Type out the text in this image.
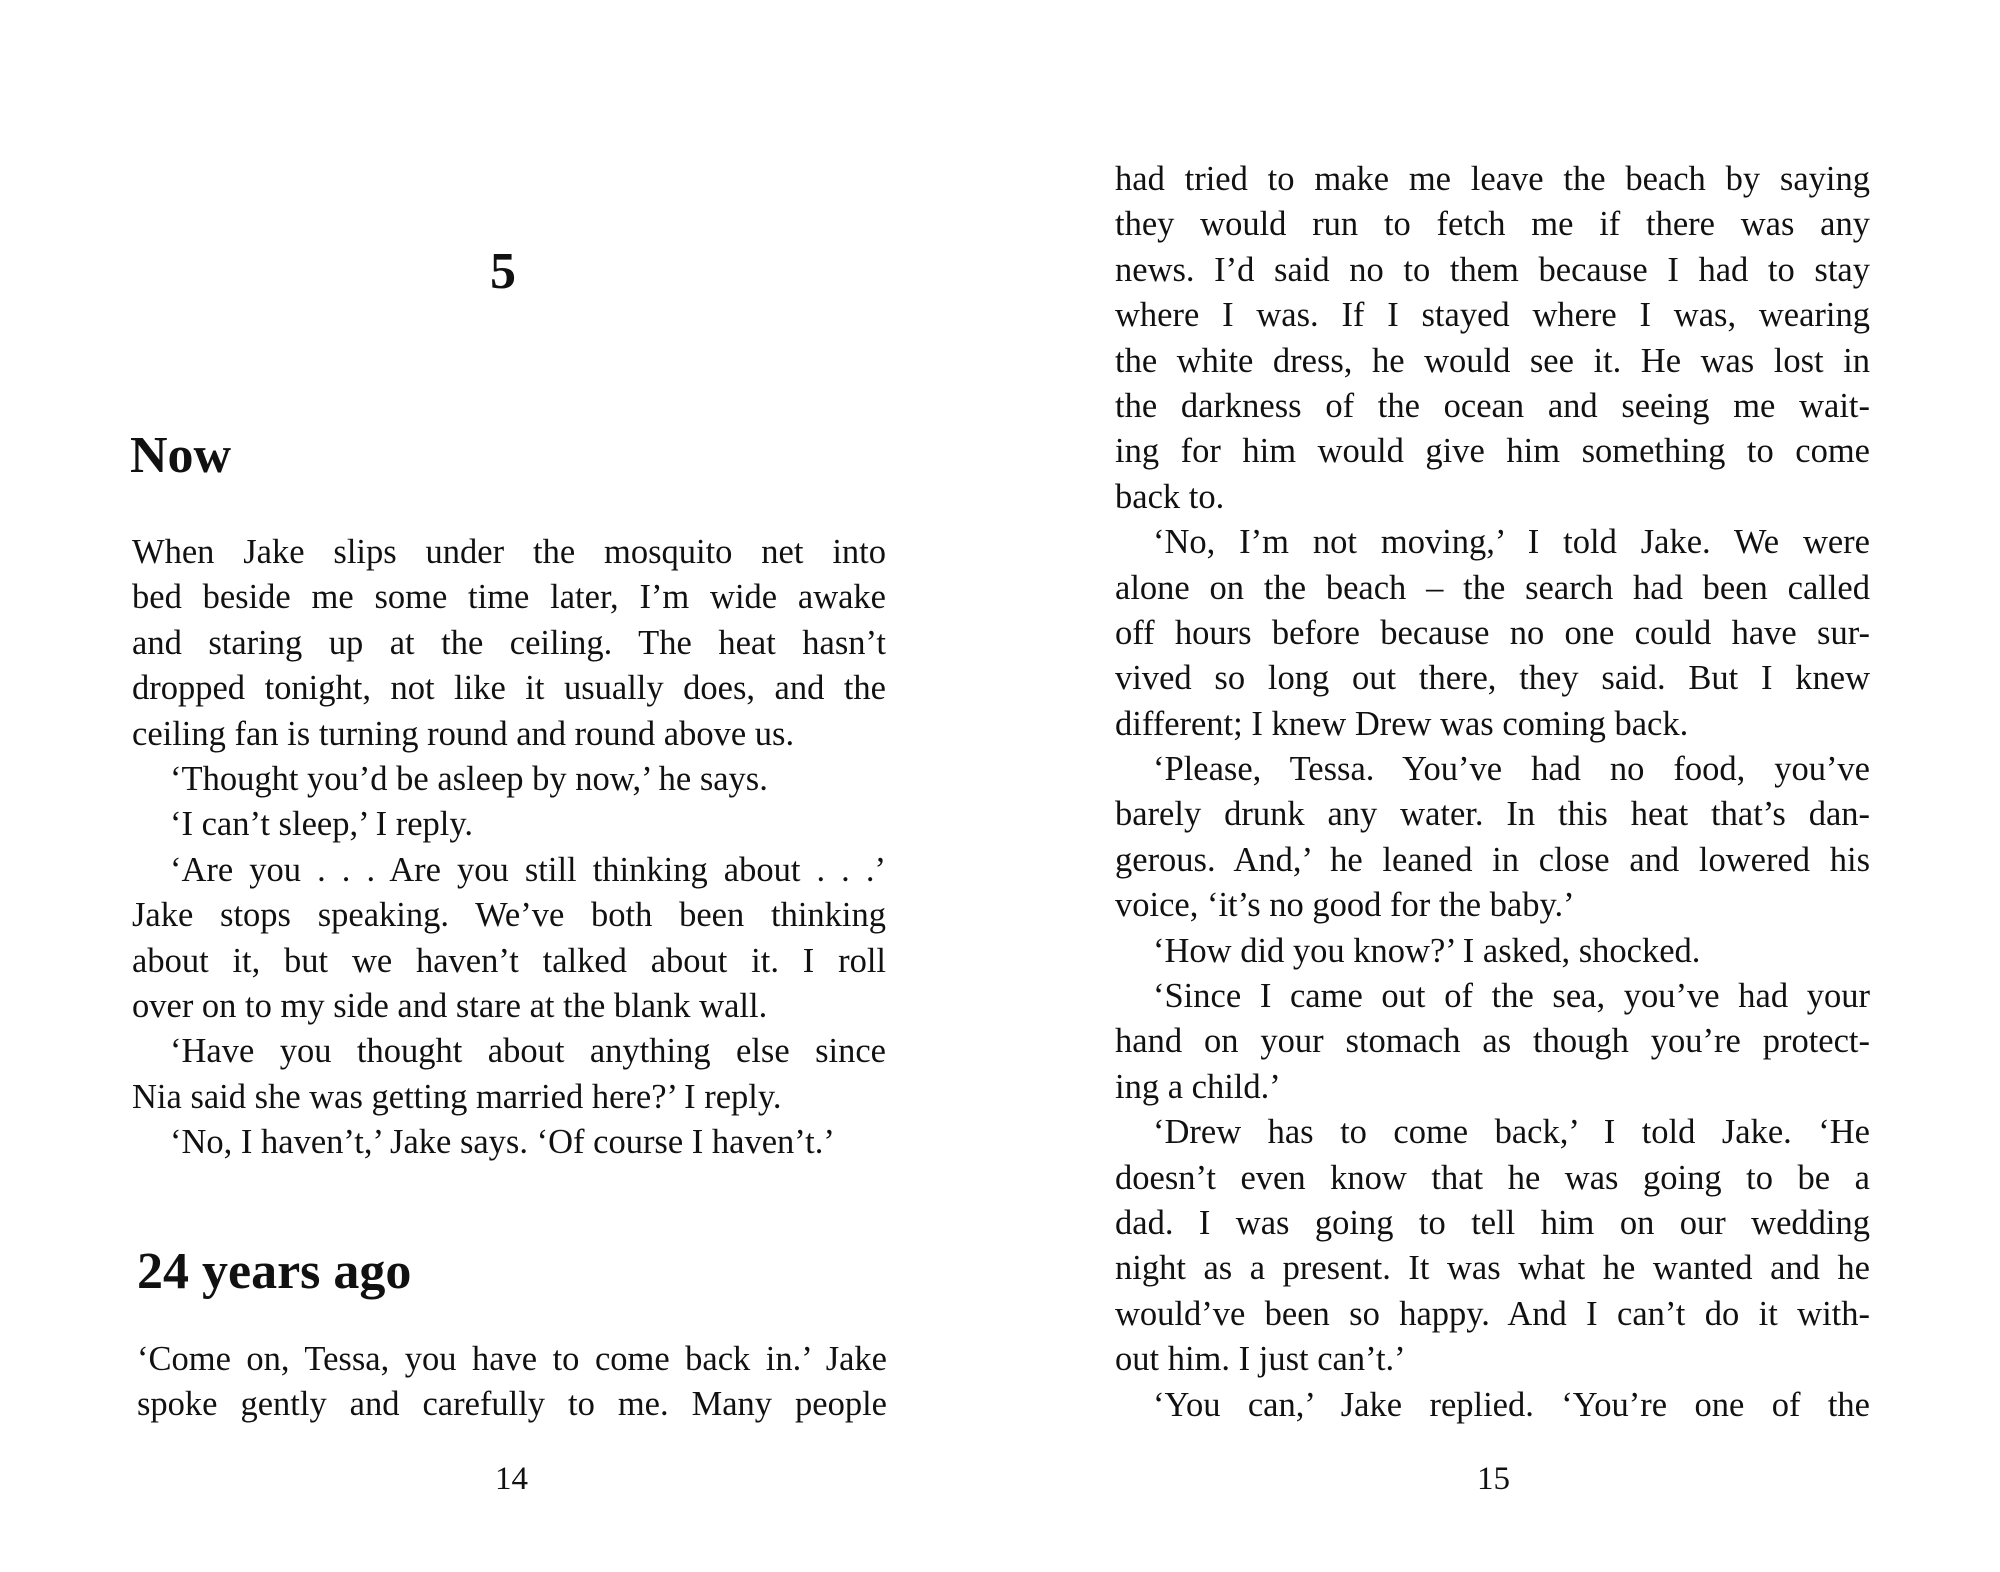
5
Now
When Jake slips under the mosquito net into
bed beside me some time later, I’m wide awake
and staring up at the ceiling. The heat hasn’t
dropped tonight, not like it usually does, and the
ceiling fan is turning round and round above us.
‘Thought you’d be asleep by now,’ he says.
‘I can’t sleep,’ I reply.
‘Are you . . . Are you still thinking about . . .’
Jake stops speaking. We’ve both been thinking
about it, but we haven’t talked about it. I roll
over on to my side and stare at the blank wall.
‘Have you thought about anything else since
Nia said she was getting married here?’ I reply.
‘No, I haven’t,’ Jake says. ‘Of course I haven’t.’
24 years ago
‘Come on, Tessa, you have to come back in.’ Jake
spoke gently and carefully to me. Many people
14
had tried to make me leave the beach by saying
they would run to fetch me if there was any
news. I’d said no to them because I had to stay
where I was. If I stayed where I was, wearing
the white dress, he would see it. He was lost in
the darkness of the ocean and seeing me wait-
ing for him would give him something to come
back to.
‘No, I’m not moving,’ I told Jake. We were
alone on the beach – the search had been called
off hours before because no one could have sur-
vived so long out there, they said. But I knew
different; I knew Drew was coming back.
‘Please, Tessa. You’ve had no food, you’ve
barely drunk any water. In this heat that’s dan-
gerous. And,’ he leaned in close and lowered his
voice, ‘it’s no good for the baby.’
‘How did you know?’ I asked, shocked.
‘Since I came out of the sea, you’ve had your
hand on your stomach as though you’re protect-
ing a child.’
‘Drew has to come back,’ I told Jake. ‘He
doesn’t even know that he was going to be a
dad. I was going to tell him on our wedding
night as a present. It was what he wanted and he
would’ve been so happy. And I can’t do it with-
out him. I just can’t.’
‘You can,’ Jake replied. ‘You’re one of the
15
